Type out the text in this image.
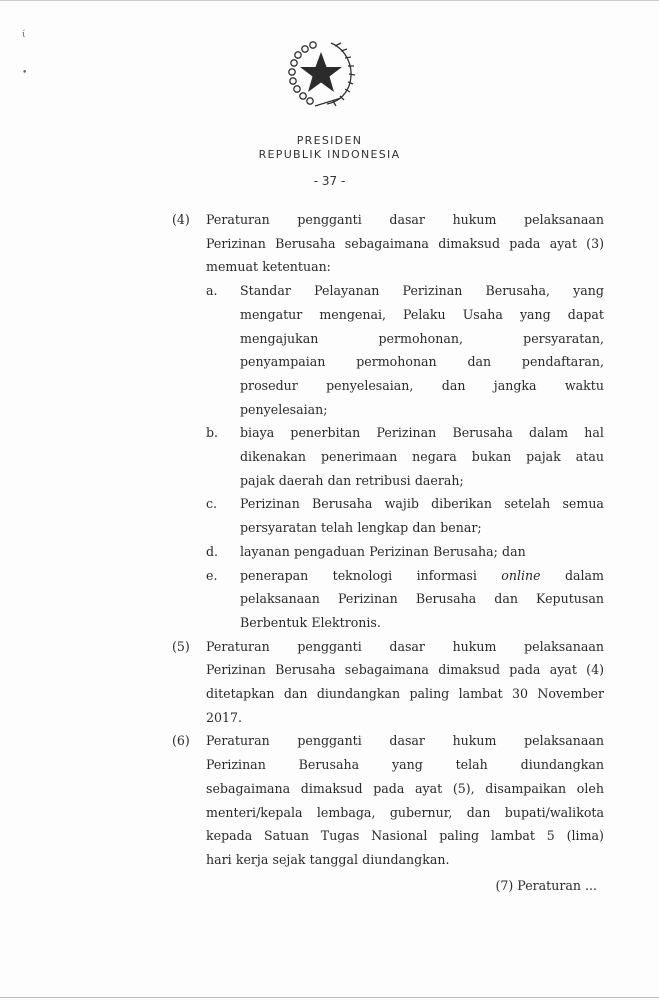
ί
•
PRESIDEN
REPUBLIK INDONESIA
- 37 -
(4) Peraturan pengganti dasar hukum pelaksanaan
Perizinan Berusaha sebagaimana dimaksud pada ayat (3)
memuat ketentuan:
a. Standar Pelayanan Perizinan Berusaha, yang
mengatur mengenai, Pelaku Usaha yang dapat
mengajukan	permohonan,	persyaratan,
penyampaian permohonan dan pendaftaran,
prosedur penyelesaian, dan jangka waktu
penyelesaian;
b. biaya penerbitan Perizinan Berusaha dalam hal
dikenakan penerimaan negara bukan pajak atau
pajak daerah dan retribusi daerah;
c. Perizinan Berusaha wajib diberikan setelah semua
persyaratan telah lengkap dan benar;
d. layanan pengaduan Perizinan Berusaha; dan
e. penerapan teknologi informasi online dalam
pelaksanaan Perizinan Berusaha dan Keputusan
Berbentuk Elektronis.
(5) Peraturan pengganti dasar hukum pelaksanaan
Perizinan Berusaha sebagaimana dimaksud pada ayat (4)
ditetapkan dan diundangkan paling lambat 30 November
2017.
(6) Peraturan pengganti dasar hukum pelaksanaan
Perizinan	Berusaha	yang	telah	diundangkan
sebagaimana dimaksud pada ayat (5), disampaikan oleh
menteri/kepala lembaga, gubernur, dan bupati/walikota
kepada Satuan Tugas Nasional paling lambat 5 (lima)
hari kerja sejak tanggal diundangkan.
(7) Peraturan ...
